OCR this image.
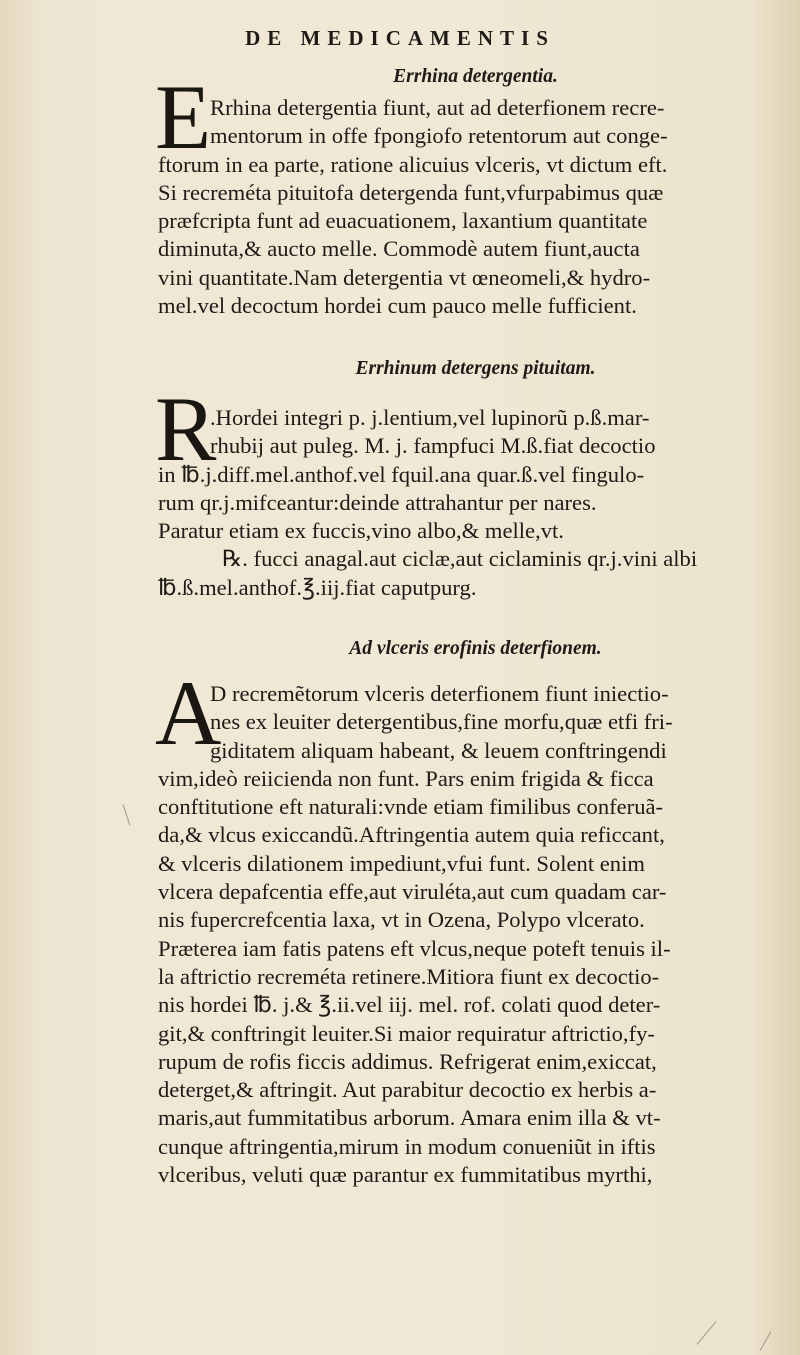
DE MEDICAMENTIS

Errhina detergentia.

E

Rrhina detergentia fiunt, aut ad deterfionem recre-

mentorum in offe fpongiofo retentorum aut conge-

ftorum in ea parte, ratione alicuius vlceris, vt dictum eft.

Si recreméta pituitofa detergenda funt,vfurpabimus quæ

præfcripta funt ad euacuationem, laxantium quantitate

diminuta,& aucto melle. Commodè autem fiunt,aucta

vini quantitate.Nam detergentia vt œneomeli,& hydro-

mel.vel decoctum hordei cum pauco melle fufficient.

Errhinum detergens pituitam.

R

.Hordei integri p. j.lentium,vel lupinorũ p.ß.mar-

rhubij aut puleg. M. j. fampfuci M.ß.fiat decoctio

in ℔.j.diff.mel.anthof.vel fquil.ana quar.ß.vel fingulo-

rum qr.j.mifceantur:deinde attrahantur per nares.

Paratur etiam ex fuccis,vino albo,& melle,vt.

℞. fucci anagal.aut ciclæ,aut ciclaminis qr.j.vini albi

℔.ß.mel.anthof.℥.iij.fiat caputpurg.

Ad vlceris erofinis deterfionem.

A

D recremẽtorum vlceris deterfionem fiunt iniectio-

nes ex leuiter detergentibus,fine morfu,quæ etfi fri-

giditatem aliquam habeant, & leuem conftringendi

vim,ideò reiicienda non funt. Pars enim frigida & ficca

conftitutione eft naturali:vnde etiam fimilibus conferuã-

da,& vlcus exiccandũ.Aftringentia autem quia reficcant,

& vlceris dilationem impediunt,vfui funt. Solent enim

vlcera depafcentia effe,aut viruléta,aut cum quadam car-

nis fupercrefcentia laxa, vt in Ozena, Polypo vlcerato.

Præterea iam fatis patens eft vlcus,neque poteft tenuis il-

la aftrictio recreméta retinere.Mitiora fiunt ex decoctio-

nis hordei ℔. j.& ℥.ii.vel iij. mel. rof. colati quod deter-

git,& conftringit leuiter.Si maior requiratur aftrictio,fy-

rupum de rofis ficcis addimus. Refrigerat enim,exiccat,

deterget,& aftringit. Aut parabitur decoctio ex herbis a-

maris,aut fummitatibus arborum. Amara enim illa & vt-

cunque aftringentia,mirum in modum conueniũt in iftis

vlceribus, veluti quæ parantur ex fummitatibus myrthi,
